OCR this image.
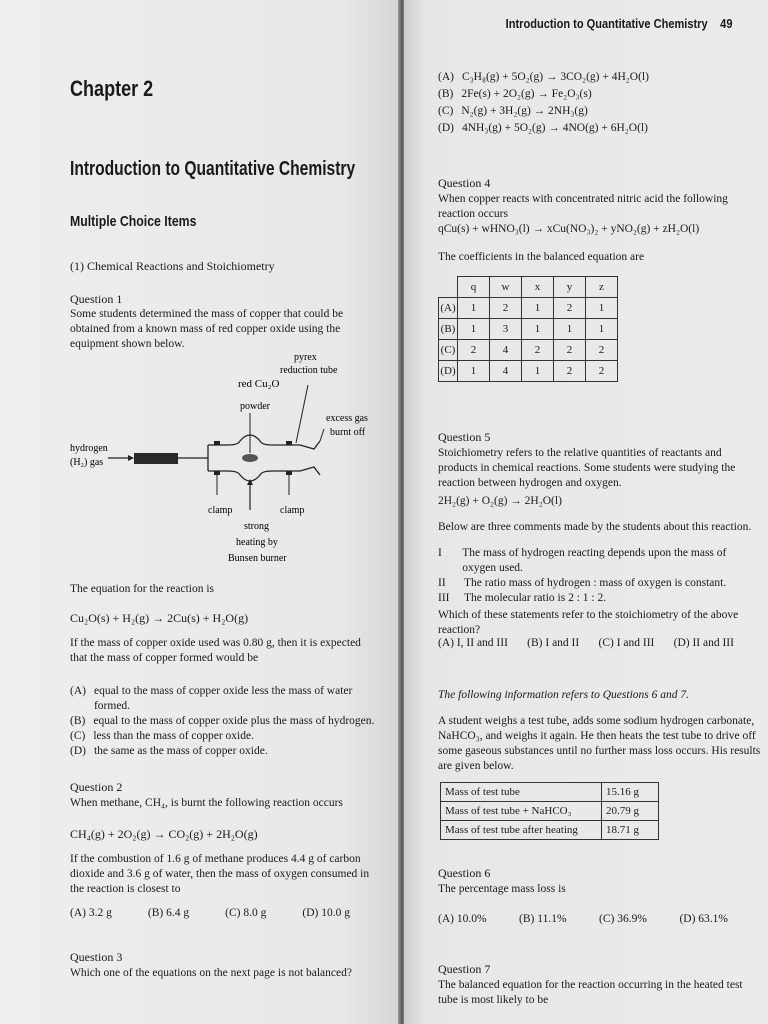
Chapter 2
Introduction to Quantitative Chemistry
Multiple Choice Items
(1) Chemical Reactions and Stoichiometry
Question 1
Some students determined the mass of copper that could be obtained from a known mass of red copper oxide using the equipment shown below.
pyrex
reduction tube
red Cu₂O
powder
excess gas
burnt off
hydrogen
(H₂) gas
clamp	clamp
strong
heating by
Bunsen burner
The equation for the reaction is
Cu₂O(s) + H₂(g) → 2Cu(s) + H₂O(g)
If the mass of copper oxide used was 0.80 g, then it is expected that the mass of copper formed would be
(A) equal to the mass of copper oxide less the mass of water formed.
(B) equal to the mass of copper oxide plus the mass of hydrogen.
(C) less than the mass of copper oxide.
(D) the same as the mass of copper oxide.
Question 2
When methane, CH₄, is burnt the following reaction occurs
CH₄(g) + 2O₂(g) → CO₂(g) + 2H₂O(g)
If the combustion of 1.6 g of methane produces 4.4 g of carbon dioxide and 3.6 g of water, then the mass of oxygen consumed in the reaction is closest to
(A) 3.2 g	(B) 6.4 g	(C) 8.0 g	(D) 10.0 g
Question 3
Which one of the equations on the next page is not balanced?
Introduction to Quantitative Chemistry 49
(A) C₃H₈(g) + 5O₂(g) → 3CO₂(g) + 4H₂O(l)
(B) 2Fe(s) + 2O₂(g) → Fe₂O₃(s)
(C) N₂(g) + 3H₂(g) → 2NH₃(g)
(D) 4NH₃(g) + 5O₂(g) → 4NO(g) + 6H₂O(l)
Question 4
When copper reacts with concentrated nitric acid the following reaction occurs
qCu(s) + wHNO₃(l) → xCu(NO₃)₂ + yNO₂(g) + zH₂O(l)
The coefficients in the balanced equation are
	q	w	x	y	z
(A)	1	2	1	2	1
(B)	1	3	1	1	1
(C)	2	4	2	2	2
(D)	1	4	1	2	2
Question 5
Stoichiometry refers to the relative quantities of reactants and products in chemical reactions. Some students were studying the reaction between hydrogen and oxygen.
2H₂(g) + O₂(g) → 2H₂O(l)
Below are three comments made by the students about this reaction.
I	The mass of hydrogen reacting depends upon the mass of oxygen used.
II	The ratio mass of hydrogen : mass of oxygen is constant.
III	The molecular ratio is 2 : 1 : 2.
Which of these statements refer to the stoichiometry of the above reaction?
(A) I, II and III (B) I and II (C) I and III (D) II and III
The following information refers to Questions 6 and 7.
A student weighs a test tube, adds some sodium hydrogen carbonate, NaHCO₃, and weighs it again. He then heats the test tube to drive off some gaseous substances until no further mass loss occurs. His results are given below.
Mass of test tube	15.16 g
Mass of test tube + NaHCO₃	20.79 g
Mass of test tube after heating	18.71 g
Question 6
The percentage mass loss is
(A) 10.0%	(B) 11.1%	(C) 36.9%	(D) 63.1%
Question 7
The balanced equation for the reaction occurring in the heated test tube is most likely to be
